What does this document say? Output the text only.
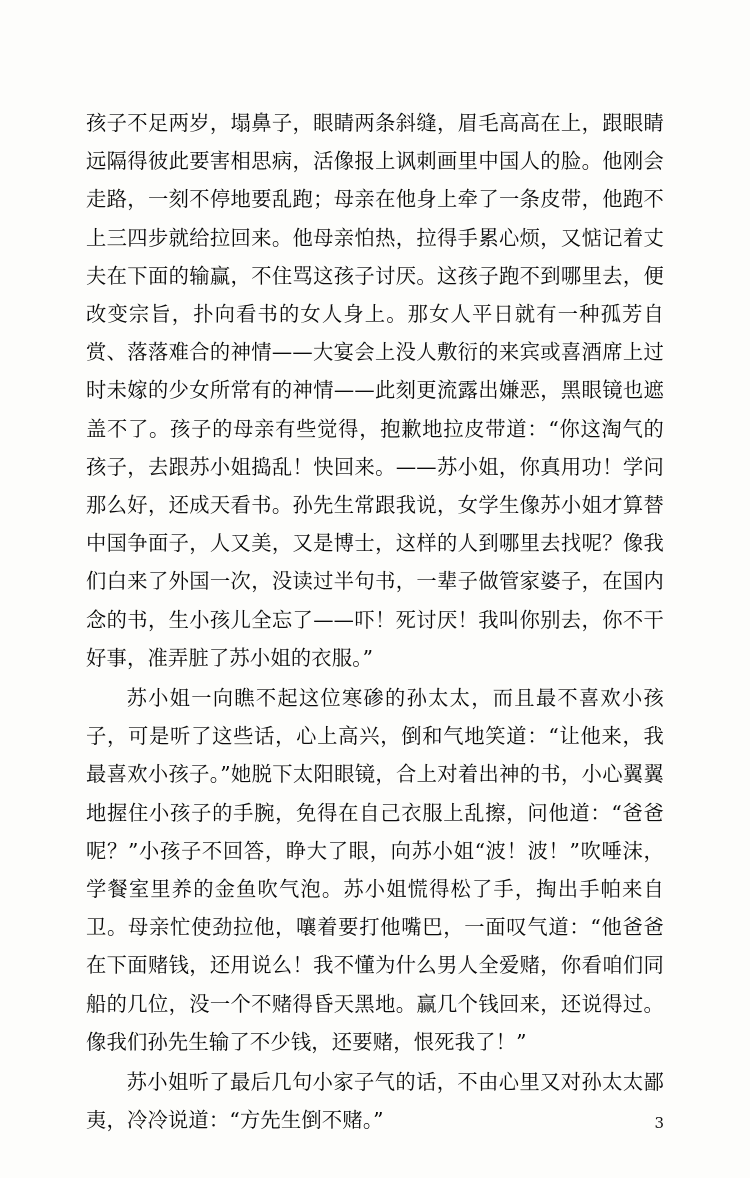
孩子不足两岁，塌鼻子，眼睛两条斜缝，眉毛高高在上，跟眼睛远隔得彼此要害相思病，活像报上讽刺画里中国人的脸。他刚会走路，一刻不停地要乱跑；母亲在他身上牵了一条皮带，他跑不上三四步就给拉回来。他母亲怕热，拉得手累心烦，又惦记着丈夫在下面的输赢，不住骂这孩子讨厌。这孩子跑不到哪里去，便改变宗旨，扑向看书的女人身上。那女人平日就有一种孤芳自赏、落落难合的神情——大宴会上没人敷衍的来宾或喜酒席上过时未嫁的少女所常有的神情——此刻更流露出嫌恶，黑眼镜也遮盖不了。孩子的母亲有些觉得，抱歉地拉皮带道：“你这淘气的孩子，去跟苏小姐捣乱！快回来。——苏小姐，你真用功！学问那么好，还成天看书。孙先生常跟我说，女学生像苏小姐才算替中国争面子，人又美，又是博士，这样的人到哪里去找呢？像我们白来了外国一次，没读过半句书，一辈子做管家婆子，在国内念的书，生小孩儿全忘了——吓！死讨厌！我叫你别去，你不干好事，准弄脏了苏小姐的衣服。”

苏小姐一向瞧不起这位寒碜的孙太太，而且最不喜欢小孩子，可是听了这些话，心上高兴，倒和气地笑道：“让他来，我最喜欢小孩子。”她脱下太阳眼镜，合上对着出神的书，小心翼翼地握住小孩子的手腕，免得在自己衣服上乱擦，问他道：“爸爸呢？”小孩子不回答，睁大了眼，向苏小姐“波！波！”吹唾沫，学餐室里养的金鱼吹气泡。苏小姐慌得松了手，掏出手帕来自卫。母亲忙使劲拉他，嚷着要打他嘴巴，一面叹气道：“他爸爸在下面赌钱，还用说么！我不懂为什么男人全爱赌，你看咱们同船的几位，没一个不赌得昏天黑地。赢几个钱回来，还说得过。像我们孙先生输了不少钱，还要赌，恨死我了！”

苏小姐听了最后几句小家子气的话，不由心里又对孙太太鄙夷，冷冷说道：“方先生倒不赌。”	3
